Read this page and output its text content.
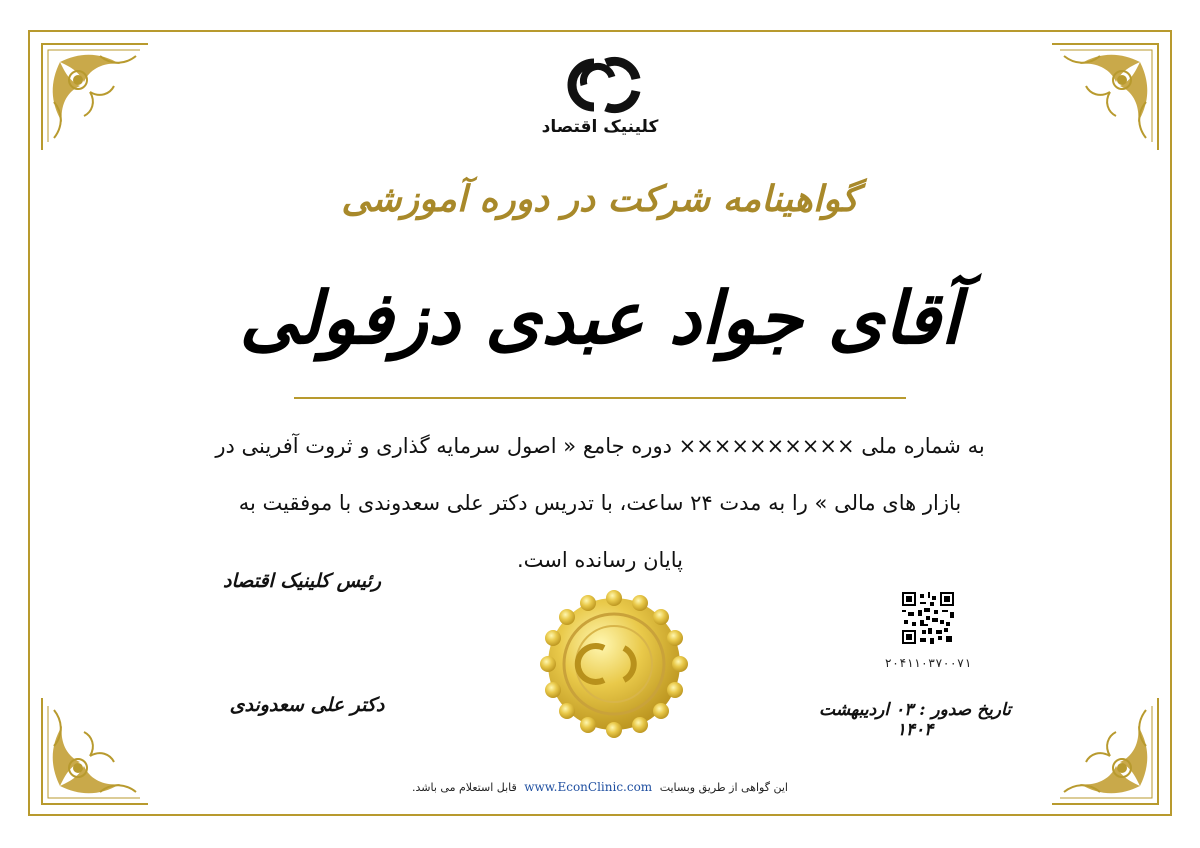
کلینیک اقتصاد
گواهینامه شرکت در دوره آموزشی
آقای جواد عبدی دزفولی
به شماره ملی ×××××××××× دوره جامع « اصول سرمایه گذاری و ثروت آفرینی در
بازار های مالی » را به مدت ۲۴ ساعت، با تدریس دکتر علی سعدوندی با موفقیت به
پایان رسانده است.
رئیس کلینیک اقتصاد
دکتر علی سعدوندی
۲۰۴۱۱۰۳۷۰۰۷۱
تاریخ صدور : ۰۳ اردیبهشت ۱۴۰۴
این گواهی از طریق وبسایت www.EconClinic.com قابل استعلام می باشد.
